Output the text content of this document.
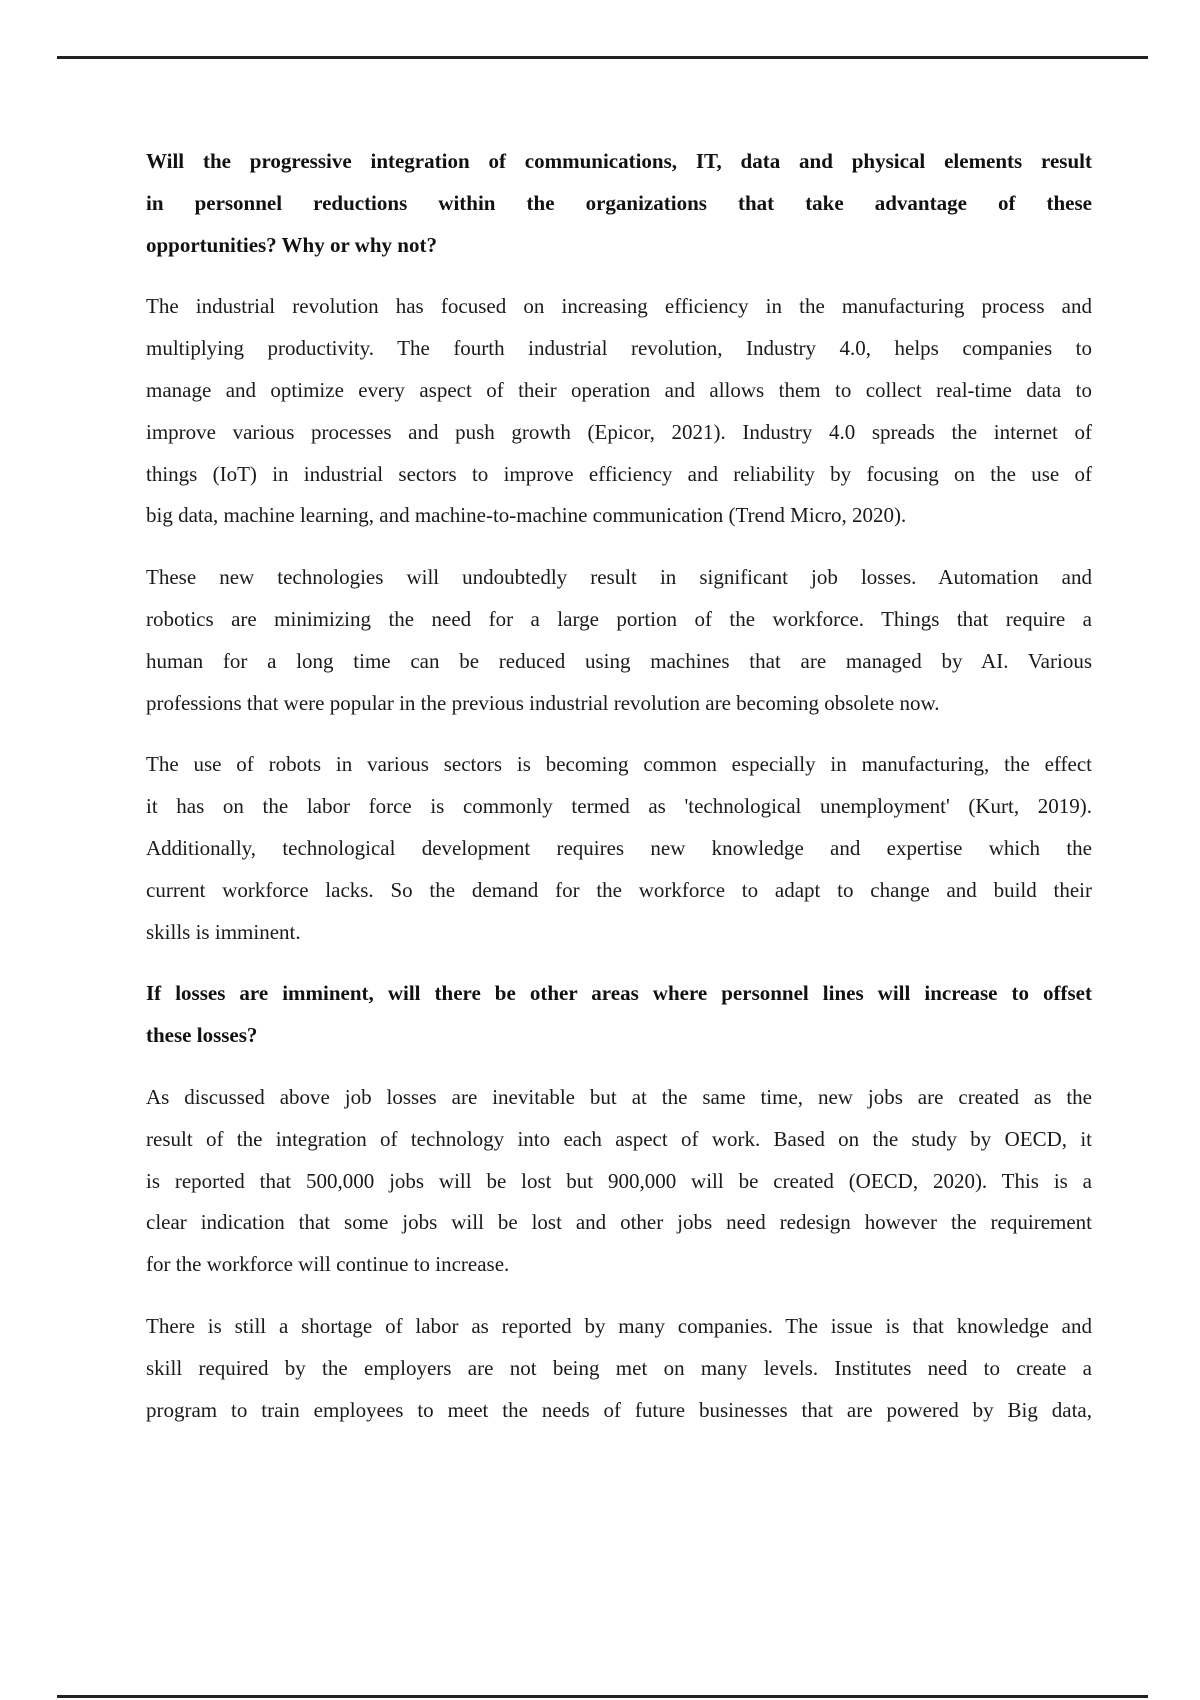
Will the progressive integration of communications, IT, data and physical elements result
in personnel reductions within the organizations that take advantage of these
opportunities? Why or why not?
The industrial revolution has focused on increasing efficiency in the manufacturing process and
multiplying productivity. The fourth industrial revolution, Industry 4.0, helps companies to
manage and optimize every aspect of their operation and allows them to collect real-time data to
improve various processes and push growth (Epicor, 2021). Industry 4.0 spreads the internet of
things (IoT) in industrial sectors to improve efficiency and reliability by focusing on the use of
big data, machine learning, and machine-to-machine communication (Trend Micro, 2020).
These new technologies will undoubtedly result in significant job losses. Automation and
robotics are minimizing the need for a large portion of the workforce. Things that require a
human for a long time can be reduced using machines that are managed by AI. Various
professions that were popular in the previous industrial revolution are becoming obsolete now.
The use of robots in various sectors is becoming common especially in manufacturing, the effect
it has on the labor force is commonly termed as 'technological unemployment' (Kurt, 2019).
Additionally, technological development requires new knowledge and expertise which the
current workforce lacks. So the demand for the workforce to adapt to change and build their
skills is imminent.
If losses are imminent, will there be other areas where personnel lines will increase to offset
these losses?
As discussed above job losses are inevitable but at the same time, new jobs are created as the
result of the integration of technology into each aspect of work. Based on the study by OECD, it
is reported that 500,000 jobs will be lost but 900,000 will be created (OECD, 2020). This is a
clear indication that some jobs will be lost and other jobs need redesign however the requirement
for the workforce will continue to increase.
There is still a shortage of labor as reported by many companies. The issue is that knowledge and
skill required by the employers are not being met on many levels. Institutes need to create a
program to train employees to meet the needs of future businesses that are powered by Big data,
